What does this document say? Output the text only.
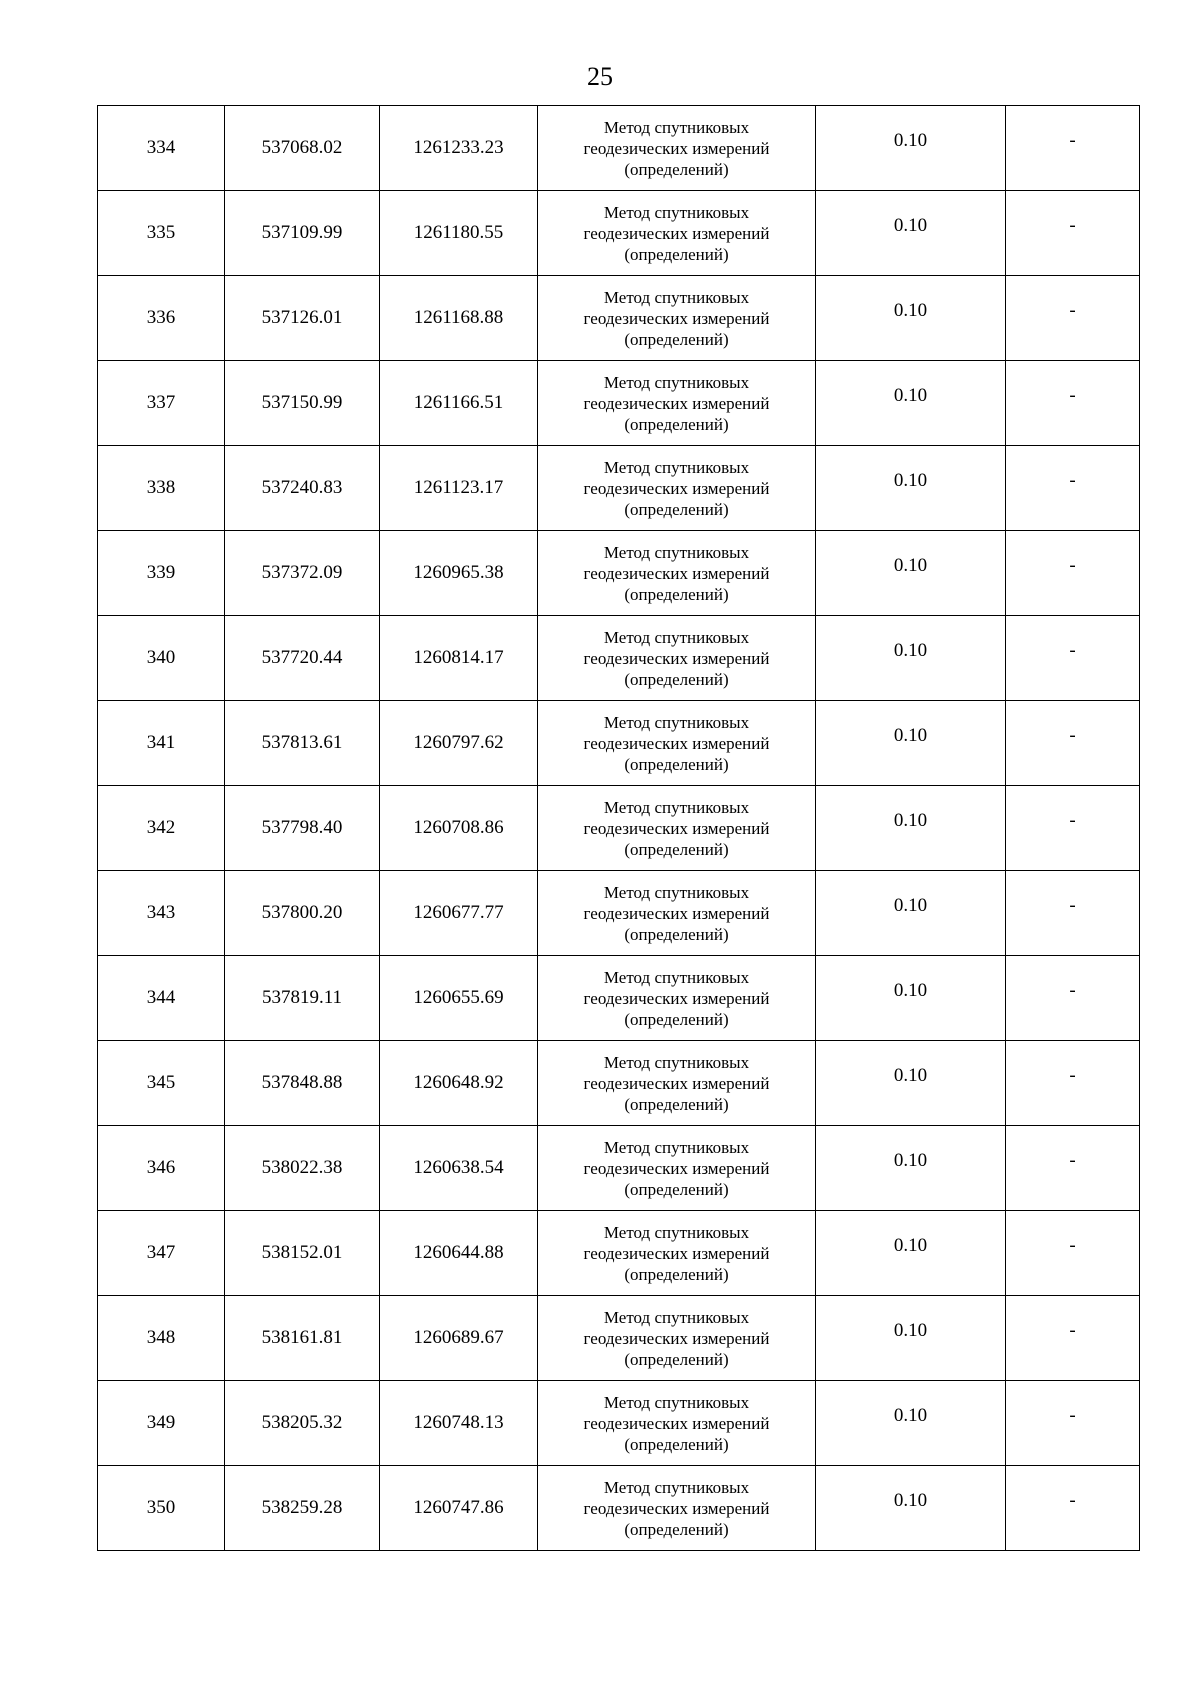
25
334	537068.02	1261233.23	Метод спутниковых
геодезических измерений
(определений)	0.10	-
335	537109.99	1261180.55	Метод спутниковых
геодезических измерений
(определений)	0.10	-
336	537126.01	1261168.88	Метод спутниковых
геодезических измерений
(определений)	0.10	-
337	537150.99	1261166.51	Метод спутниковых
геодезических измерений
(определений)	0.10	-
338	537240.83	1261123.17	Метод спутниковых
геодезических измерений
(определений)	0.10	-
339	537372.09	1260965.38	Метод спутниковых
геодезических измерений
(определений)	0.10	-
340	537720.44	1260814.17	Метод спутниковых
геодезических измерений
(определений)	0.10	-
341	537813.61	1260797.62	Метод спутниковых
геодезических измерений
(определений)	0.10	-
342	537798.40	1260708.86	Метод спутниковых
геодезических измерений
(определений)	0.10	-
343	537800.20	1260677.77	Метод спутниковых
геодезических измерений
(определений)	0.10	-
344	537819.11	1260655.69	Метод спутниковых
геодезических измерений
(определений)	0.10	-
345	537848.88	1260648.92	Метод спутниковых
геодезических измерений
(определений)	0.10	-
346	538022.38	1260638.54	Метод спутниковых
геодезических измерений
(определений)	0.10	-
347	538152.01	1260644.88	Метод спутниковых
геодезических измерений
(определений)	0.10	-
348	538161.81	1260689.67	Метод спутниковых
геодезических измерений
(определений)	0.10	-
349	538205.32	1260748.13	Метод спутниковых
геодезических измерений
(определений)	0.10	-
350	538259.28	1260747.86	Метод спутниковых
геодезических измерений
(определений)	0.10	-
